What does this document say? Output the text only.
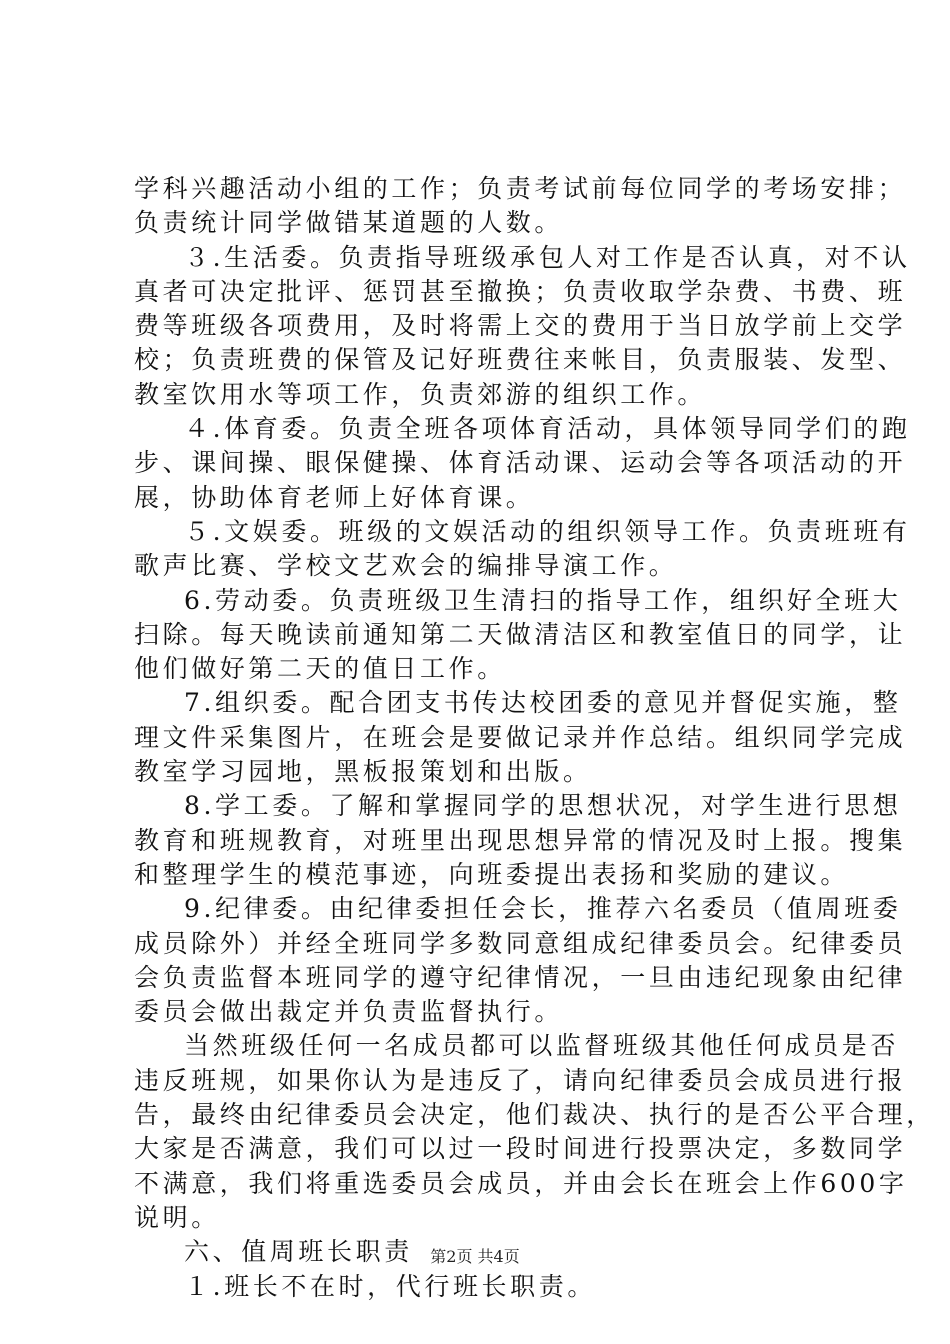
学科兴趣活动小组的工作；负责考试前每位同学的考场安排；
负责统计同学做错某道题的人数。
３.生活委。负责指导班级承包人对工作是否认真，对不认
真者可决定批评、惩罚甚至撤换；负责收取学杂费、书费、班
费等班级各项费用，及时将需上交的费用于当日放学前上交学
校；负责班费的保管及记好班费往来帐目，负责服装、发型、
教室饮用水等项工作，负责郊游的组织工作。
４.体育委。负责全班各项体育活动，具体领导同学们的跑
步、课间操、眼保健操、体育活动课、运动会等各项活动的开
展，协助体育老师上好体育课。
５.文娱委。班级的文娱活动的组织领导工作。负责班班有
歌声比赛、学校文艺欢会的编排导演工作。
6.劳动委。负责班级卫生清扫的指导工作，组织好全班大
扫除。每天晚读前通知第二天做清洁区和教室值日的同学，让
他们做好第二天的值日工作。
7.组织委。配合团支书传达校团委的意见并督促实施，整
理文件采集图片，在班会是要做记录并作总结。组织同学完成
教室学习园地，黑板报策划和出版。
8.学工委。了解和掌握同学的思想状况，对学生进行思想
教育和班规教育，对班里出现思想异常的情况及时上报。搜集
和整理学生的模范事迹，向班委提出表扬和奖励的建议。
9.纪律委。由纪律委担任会长，推荐六名委员（值周班委
成员除外）并经全班同学多数同意组成纪律委员会。纪律委员
会负责监督本班同学的遵守纪律情况，一旦由违纪现象由纪律
委员会做出裁定并负责监督执行。
当然班级任何一名成员都可以监督班级其他任何成员是否
违反班规，如果你认为是违反了，请向纪律委员会成员进行报
告，最终由纪律委员会决定，他们裁决、执行的是否公平合理，
大家是否满意，我们可以过一段时间进行投票决定，多数同学
不满意，我们将重选委员会成员，并由会长在班会上作600字
说明。
六、值周班长职责
１.班长不在时，代行班长职责。
第2页 共4页
